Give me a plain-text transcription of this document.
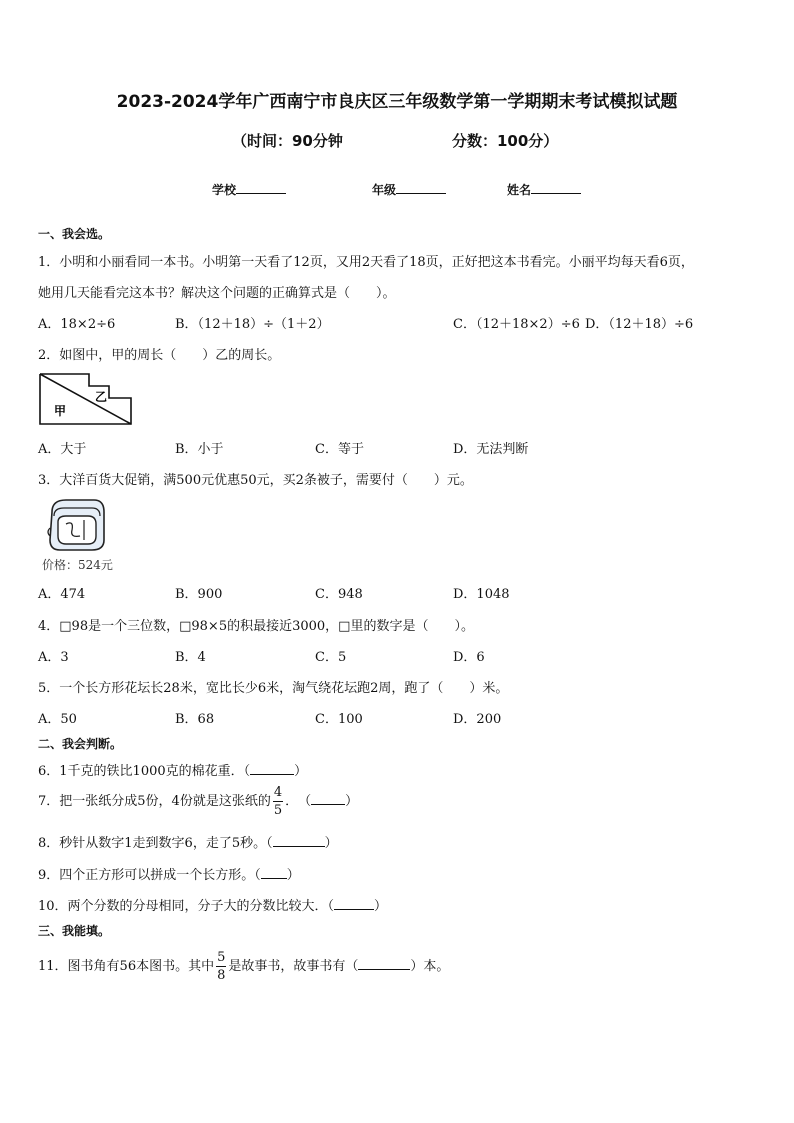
2023-2024学年广西南宁市良庆区三年级数学第一学期期末考试模拟试题
（时间：90分钟	分数：100分）
学校	年级	姓名
一、我会选。
1．小明和小丽看同一本书。小明第一天看了12页，又用2天看了18页，正好把这本书看完。小丽平均每天看6页，
她用几天能看完这本书？解决这个问题的正确算式是（　　）。
A．18×2÷6	B．（12＋18）÷（1＋2）	C．（12＋18×2）÷6 D．（12＋18）÷6
2．如图中，甲的周长（　　）乙的周长。
甲
乙
A．大于	B．小于	C．等于	D．无法判断
3．大洋百货大促销，满500元优惠50元，买2条被子，需要付（　　）元。
价格：524元
A．474	B．900	C．948	D．1048
4．□98是一个三位数，□98×5的积最接近3000，□里的数字是（　　）。
A．3	B．4	C．5	D．6
5．一个长方形花坛长28米，宽比长少6米，淘气绕花坛跑2周，跑了（　　）米。
A．50	B．68	C．100	D．200
二、我会判断。
6．1千克的铁比1000克的棉花重．（	）
7．把一张纸分成5份，4份就是这张纸的 $\frac{4}{5}$ ．　（	）
8．秒针从数字1走到数字6，走了5秒。（	）
9．四个正方形可以拼成一个长方形。（ ）
10．两个分数的分母相同，分子大的分数比较大．（	）
三、我能填。
11．图书角有56本图书。其中 $\frac{5}{8}$ 是故事书，故事书有（	）本。
